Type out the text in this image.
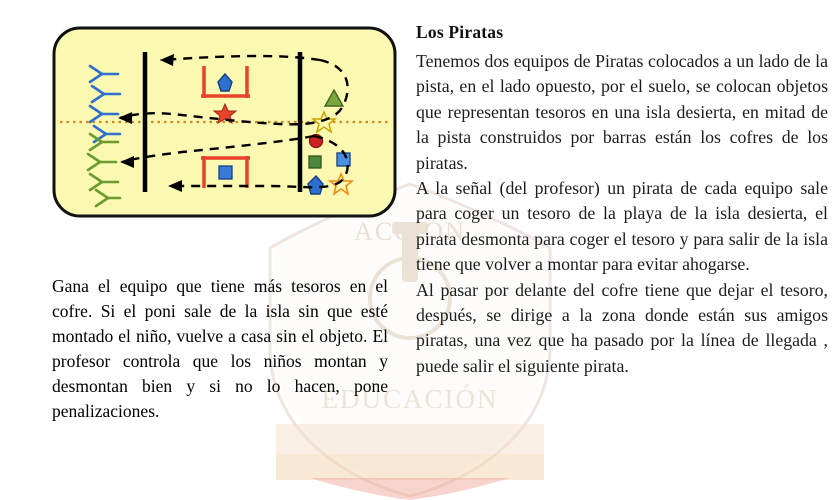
ACCIÓN
EDUCACIÓN
Gana el equipo que tiene más tesoros en el cofre. Si el poni sale de la isla sin que esté montado el niño, vuelve a casa sin el objeto. El profesor controla que los niños montan y desmontan bien y si no lo hacen, pone penalizaciones.
Los Piratas

Tenemos dos equipos de Piratas colocados a un lado de la pista, en el lado opuesto, por el suelo, se colocan objetos que representan tesoros en una isla desierta, en mitad de la pista construidos por barras están los cofres de los piratas.

A la señal (del profesor) un pirata de cada equipo sale para coger un tesoro de la playa de la isla desierta, el pirata desmonta para coger el tesoro y para salir de la isla tiene que volver a montar para evitar ahogarse.

Al pasar por delante del cofre tiene que dejar el tesoro, después, se dirige a la zona donde están sus amigos piratas, una vez que ha pasado por la línea de llegada , puede salir el siguiente pirata.
